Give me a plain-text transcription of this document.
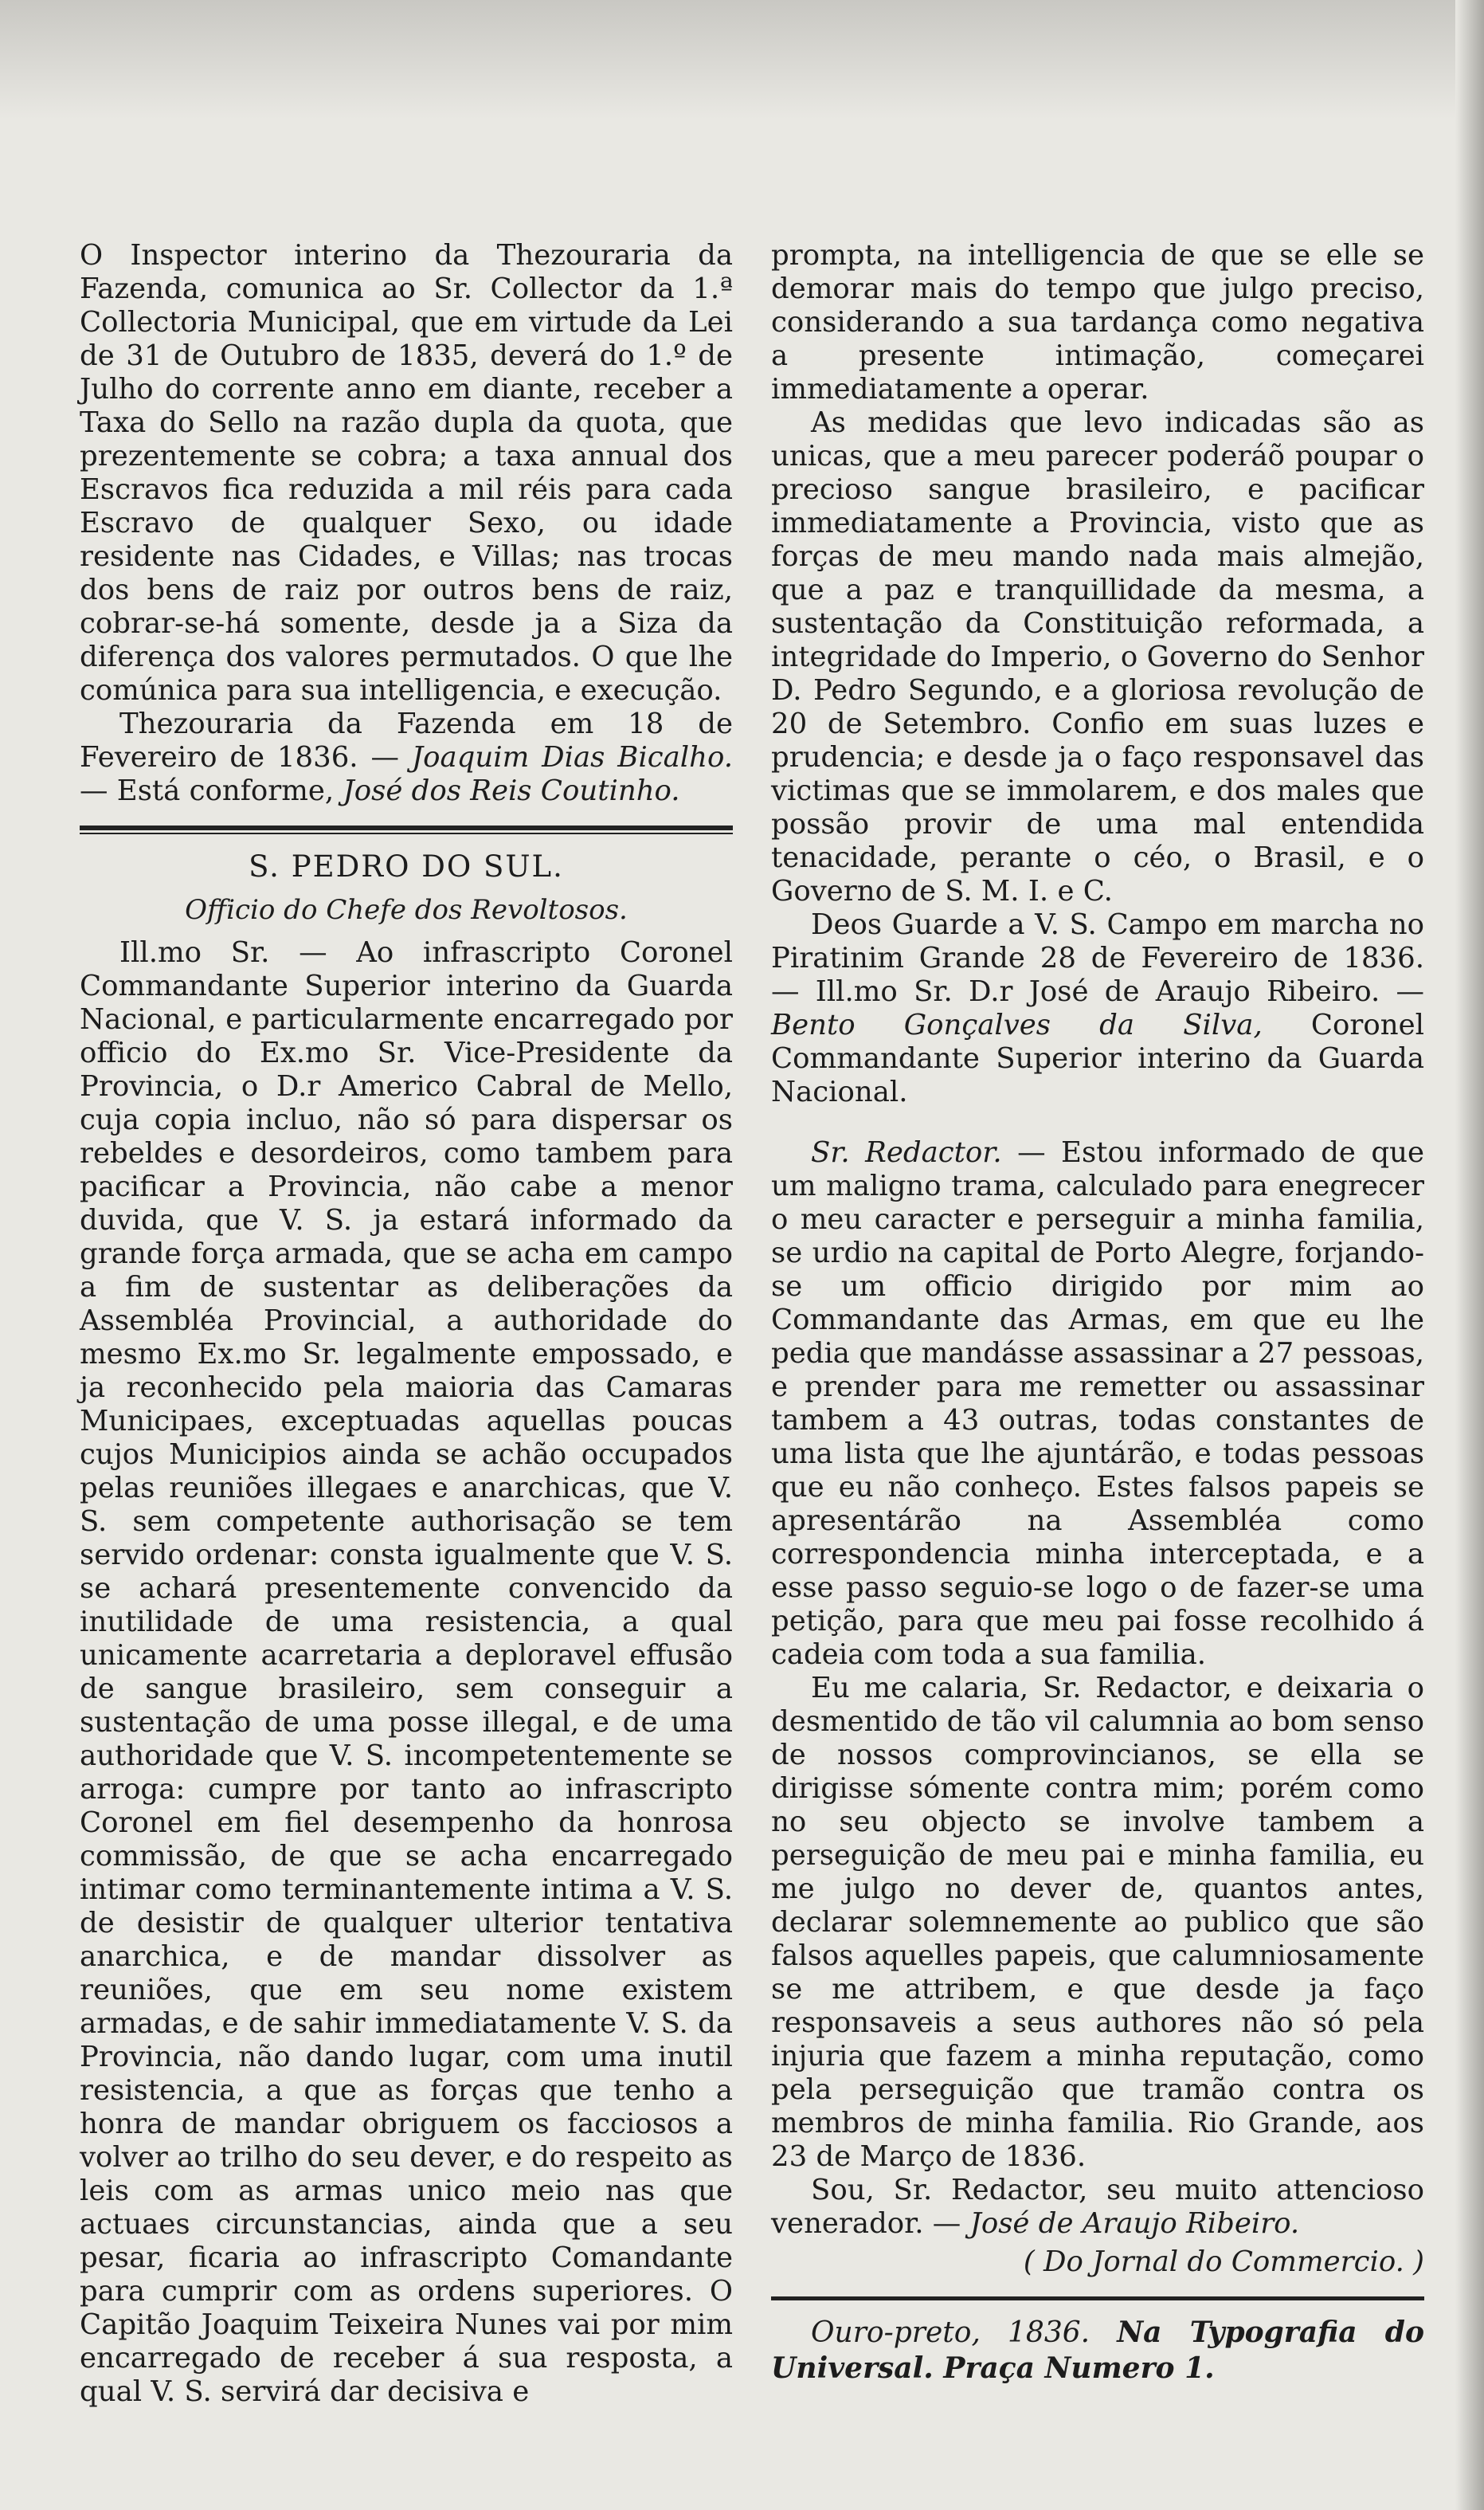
O Inspector interino da Thezouraria da Fazenda, comunica ao Sr. Collector da 1.ª Collectoria Municipal, que em virtude da Lei de 31 de Outubro de 1835, deverá do 1.º de Julho do corrente anno em diante, receber a Taxa do Sello na razão dupla da quota, que prezentemente se cobra; a taxa annual dos Escravos fica reduzida a mil réis para cada Escravo de qualquer Sexo, ou idade residente nas Cidades, e Villas; nas trocas dos bens de raiz por outros bens de raiz, cobrar-se-há somente, desde ja a Siza da diferença dos valores permutados. O que lhe comúnica para sua intelligencia, e execução.

Thezouraria da Fazenda em 18 de Fevereiro de 1836. — Joaquim Dias Bicalho. — Está conforme, José dos Reis Coutinho.

S. PEDRO DO SUL.
Officio do Chefe dos Revoltosos.

Ill.mo Sr. — Ao infrascripto Coronel Commandante Superior interino da Guarda Nacional, e particularmente encarregado por officio do Ex.mo Sr. Vice-Presidente da Provincia, o D.r Americo Cabral de Mello, cuja copia incluo, não só para dispersar os rebeldes e desordeiros, como tambem para pacificar a Provincia, não cabe a menor duvida, que V. S. ja estará informado da grande força armada, que se acha em campo a fim de sustentar as deliberações da Assembléa Provincial, a authoridade do mesmo Ex.mo Sr. legalmente empossado, e ja reconhecido pela maioria das Camaras Municipaes, exceptuadas aquellas poucas cujos Municipios ainda se achão occupados pelas reuniões illegaes e anarchicas, que V. S. sem competente authorisação se tem servido ordenar: consta igualmente que V. S. se achará presentemente convencido da inutilidade de uma resistencia, a qual unicamente acarretaria a deploravel effusão de sangue brasileiro, sem conseguir a sustentação de uma posse illegal, e de uma authoridade que V. S. incompetentemente se arroga: cumpre por tanto ao infrascripto Coronel em fiel desempenho da honrosa commissão, de que se acha encarregado intimar como terminantemente intima a V. S. de desistir de qualquer ulterior tentativa anarchica, e de mandar dissolver as reuniões, que em seu nome existem armadas, e de sahir immediatamente V. S. da Provincia, não dando lugar, com uma inutil resistencia, a que as forças que tenho a honra de mandar obriguem os facciosos a volver ao trilho do seu dever, e do respeito as leis com as armas unico meio nas que actuaes circunstancias, ainda que a seu pesar, ficaria ao infrascripto Comandante para cumprir com as ordens superiores. O Capitão Joaquim Teixeira Nunes vai por mim encarregado de receber á sua resposta, a qual V. S. servirá dar decisiva e

prompta, na intelligencia de que se elle se demorar mais do tempo que julgo preciso, considerando a sua tardança como negativa a presente intimação, começarei immediatamente a operar.

As medidas que levo indicadas são as unicas, que a meu parecer poderáõ poupar o precioso sangue brasileiro, e pacificar immediatamente a Provincia, visto que as forças de meu mando nada mais almejão, que a paz e tranquillidade da mesma, a sustentação da Constituição reformada, a integridade do Imperio, o Governo do Senhor D. Pedro Segundo, e a gloriosa revolução de 20 de Setembro. Confio em suas luzes e prudencia; e desde ja o faço responsavel das victimas que se immolarem, e dos males que possão provir de uma mal entendida tenacidade, perante o céo, o Brasil, e o Governo de S. M. I. e C.

Deos Guarde a V. S. Campo em marcha no Piratinim Grande 28 de Fevereiro de 1836. — Ill.mo Sr. D.r José de Araujo Ribeiro. — Bento Gonçalves da Silva, Coronel Commandante Superior interino da Guarda Nacional.

Sr. Redactor. — Estou informado de que um maligno trama, calculado para enegrecer o meu caracter e perseguir a minha familia, se urdio na capital de Porto Alegre, forjando-se um officio dirigido por mim ao Commandante das Armas, em que eu lhe pedia que mandásse assassinar a 27 pessoas, e prender para me remetter ou assassinar tambem a 43 outras, todas constantes de uma lista que lhe ajuntárão, e todas pessoas que eu não conheço. Estes falsos papeis se apresentárão na Assembléa como correspondencia minha interceptada, e a esse passo seguio-se logo o de fazer-se uma petição, para que meu pai fosse recolhido á cadeia com toda a sua familia.

Eu me calaria, Sr. Redactor, e deixaria o desmentido de tão vil calumnia ao bom senso de nossos comprovincianos, se ella se dirigisse sómente contra mim; porém como no seu objecto se involve tambem a perseguição de meu pai e minha familia, eu me julgo no dever de, quantos antes, declarar solemnemente ao publico que são falsos aquelles papeis, que calumniosamente se me attribem, e que desde ja faço responsaveis a seus authores não só pela injuria que fazem a minha reputação, como pela perseguição que tramão contra os membros de minha familia. Rio Grande, aos 23 de Março de 1836.

Sou, Sr. Redactor, seu muito attencioso venerador. — José de Araujo Ribeiro.

( Do Jornal do Commercio. )

Ouro-preto, 1836. Na Typografia do Universal. Praça Numero 1.
